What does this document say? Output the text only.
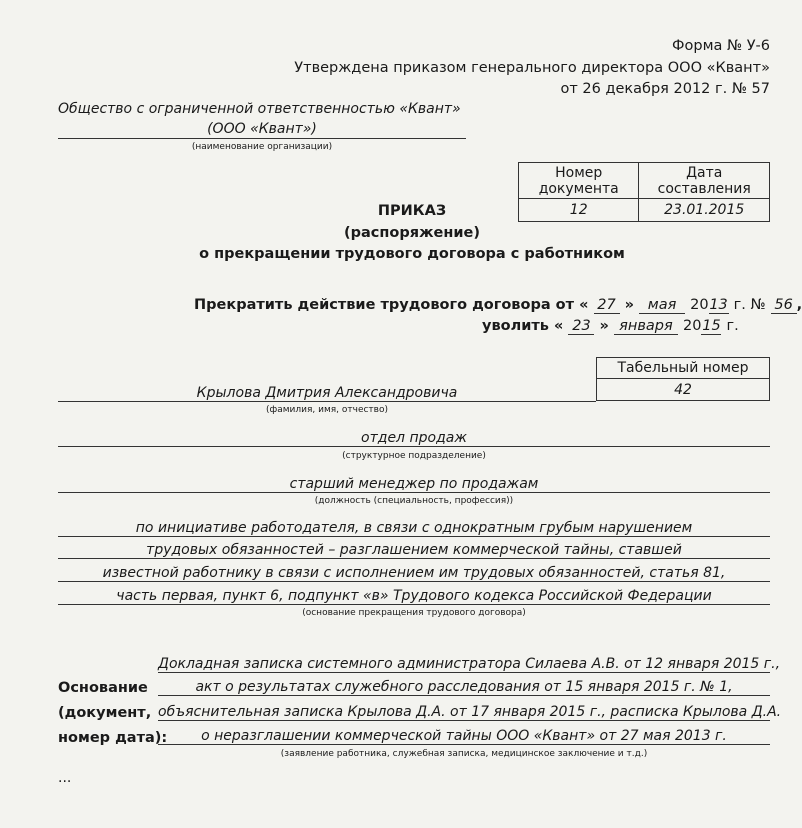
Форма № У-6
Утверждена приказом генерального директора ООО «Квант»
от 26 декабря 2012 г. № 57
Общество с ограниченной ответственностью «Квант»
(ООО «Квант»)
(наименование организации)
Номер документа	Дата составления
12	23.01.2015
ПРИКАЗ
(распоряжение)
о прекращении трудового договора с работником
Прекратить действие трудового договора от « 27 » мая 2013 г. № 56 ,
уволить « 23 » января 2015 г.
Табельный номер
42
Крылова Дмитрия Александровича
(фамилия, имя, отчество)
отдел продаж
(структурное подразделение)
старший менеджер по продажам
(должность (специальность, профессия))
по инициативе работодателя, в связи с однократным грубым нарушением
трудовых обязанностей – разглашением коммерческой тайны, ставшей
известной работнику в связи с исполнением им трудовых обязанностей, статья 81,
часть первая, пункт 6, подпункт «в» Трудового кодекса Российской Федерации
(основание прекращения трудового договора)
Основание
(документ,
номер дата):
Докладная записка системного администратора Силаева А.В. от 12 января 2015 г.,
акт о результатах служебного расследования от 15 января 2015 г. № 1,
объяснительная записка Крылова Д.А. от 17 января 2015 г., расписка Крылова Д.А.
о неразглашении коммерческой тайны ООО «Квант» от 27 мая 2013 г.
(заявление работника, служебная записка, медицинское заключение и т.д.)
...
